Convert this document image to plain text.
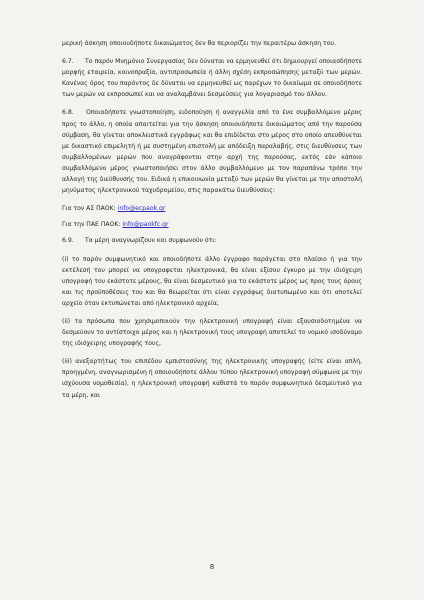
μερική άσκηση οποιουδήποτε δικαιώματος δεν θα περιορίζει την περαιτέρω άσκηση του.

6.7. Το παρόν Μνημόνιο Συνεργασίας δεν δύναται να ερμηνευθεί ότι δημιουργεί οποιασδήποτε μορφής εταιρεία, κοινοπραξία, αντιπροσωπεία ή άλλη σχέση εκπροσώπησης μεταξύ των μερών. Κανένας όρος του παρόντος δε δύναται να ερμηνευθεί ως παρέχων το δικαίωμα σε οποιοδήποτε των μερών να εκπροσωπεί και να αναλαμβάνει δεσμεύσεις για λογαριασμό του άλλου.

6.8. Οποιαδήποτε γνωστοποίηση, ειδοποίηση ή αναγγελία από το ένα συμβαλλόμενο μέρος προς το άλλο, η οποία απαιτείται για την άσκηση οποιουδήποτε δικαιώματος από την παρούσα σύμβαση, θα γίνεται αποκλειστικά εγγράφως και θα επιδίδεται στο μέρος στο οποίο απευθύνεται με δικαστικό επιμελητή ή με συστημένη επιστολή με απόδειξη παραλαβής, στις διευθύνσεις των συμβαλλομένων μερών που αναγράφονται στην αρχή της παρούσας, εκτός εάν κάποιο συμβαλλόμενο μέρος γνωστοποιήσει στον άλλο συμβαλλόμενο με τον παραπάνω τρόπο την αλλαγή της διεύθυνσής του. Ειδικά η επικοινωνία μεταξύ των μερών θα γίνεται με την αποστολή μηνύματος ηλεκτρονικού ταχυδρομείου, στις παρακάτω διευθύνσεις:

Για τον ΑΣ ΠΑΟΚ: info@ecpaok.gr

Για την ΠΑΕ ΠΑΟΚ: info@paokfc.gr

6.9. Τα μέρη αναγνωρίζουν και συμφωνούν ότι:

(i) το παρόν συμφωνητικό και οποιοδήποτε άλλο έγγραφο παράγεται στο πλαίσιο ή για την εκτέλεσή του μπορεί να υπογραφεται ηλεκτρονικά, θα είναι εξίσου έγκυρο με την ιδιόχειρη υπογραφή του εκάστοτε μέρους, θα είναι δεσμευτικό για το εκάστοτε μέρος ως προς τους όρους και τις προϋποθέσεις του και θα θεωρείται ότι είναι εγγράφως διατυπωμένο και ότι αποτελεί αρχείο όταν εκτυπώνεται από ηλεκτρονικό αρχεία,

(ii) τα πρόσωπα που χρησιμοποιούν την ηλεκτρονική υπογραφή είναι εξουσιοδοτημένα να δεσμεύουν το αντίστοιχο μέρος και η ηλεκτρονική τους υπογραφή αποτελεί το νομικό ισοδύναμο της ιδιόχειρης υπογραφής τους,

(iii) ανεξαρτήτως του επιπέδου εμπιστοσύνης της ηλεκτρονικής υπογραφής (είτε είναι απλή, προηγμένη, αναγνωρισμένη ή οποιουδήποτε άλλου τύπου ηλεκτρονική υπογραφή σύμφωνα με την ισχύουσα νομοθεσία), η ηλεκτρονική υπογραφή καθιστά το παρόν συμφωνητικό δεσμευτικό για τα μέρη, και

8
